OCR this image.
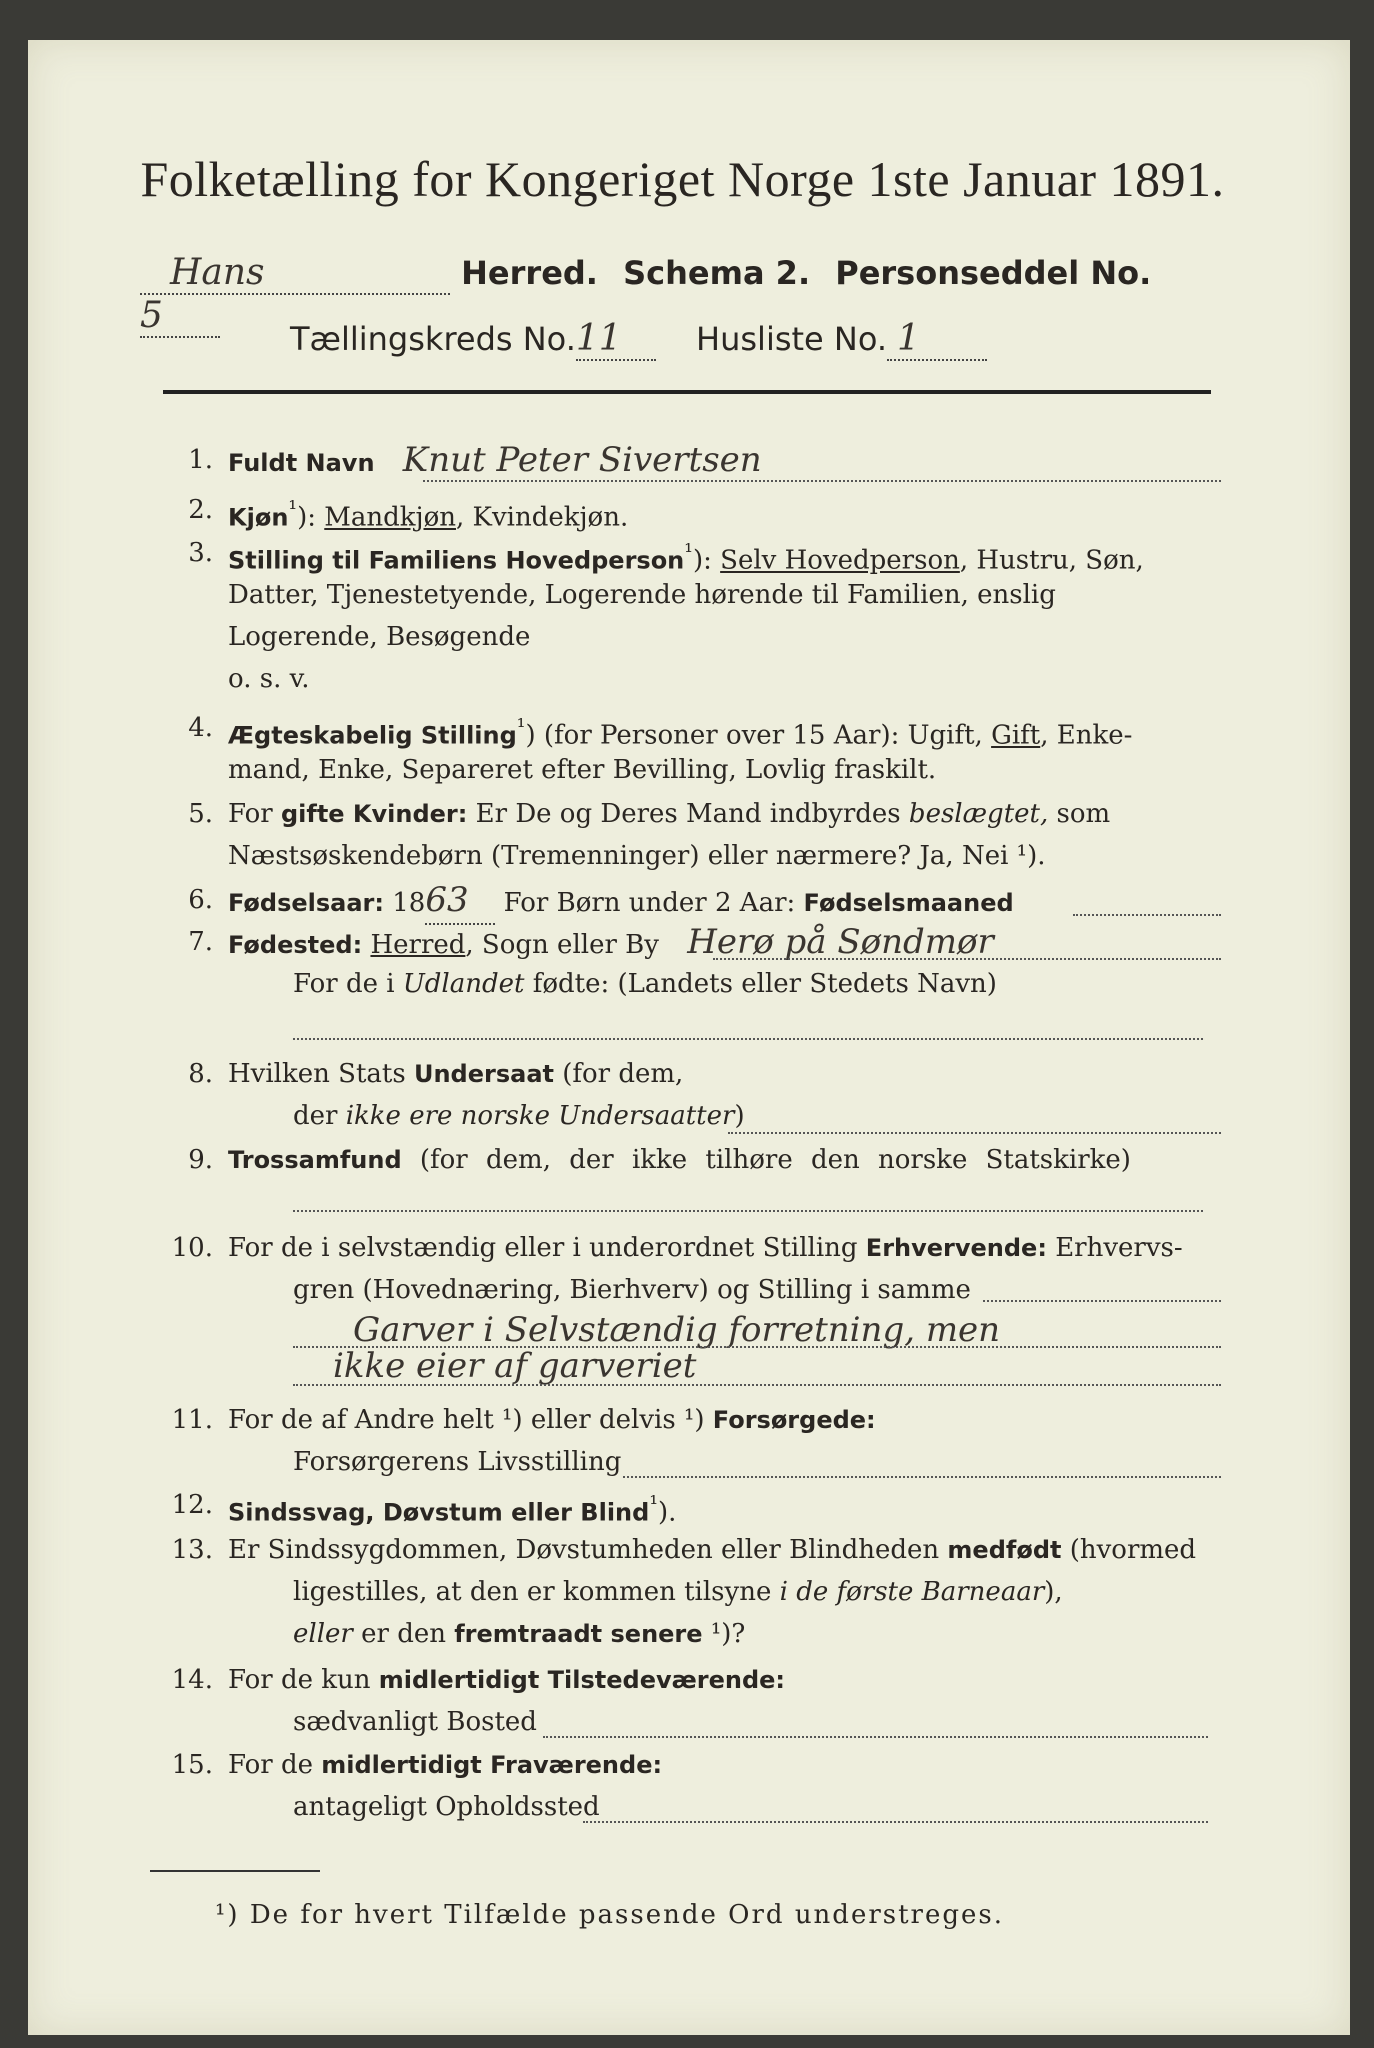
Folketælling for Kongeriget Norge 1ste Januar 1891.
Hans	Herred. Schema 2. Personseddel No.5
Tællingskreds No.11 Husliste No. 1
1. Fuldt Navn Knut Peter Sivertsen
2. Kjøn$^{^1}$): Mandkjøn, Kvindekjøn.
3. Stilling til Familiens Hovedperson$^{^1}$): Selv Hovedperson, Hustru, Søn,
Datter, Tjenestetyende, Logerende hørende til Familien, enslig
Logerende, Besøgende
o. s. v.
4. Ægteskabelig Stilling$^{^1}$) (for Personer over 15 Aar): Ugift, Gift, Enke-
mand, Enke, Separeret efter Bevilling, Lovlig fraskilt.
5. For gifte Kvinder: Er De og Deres Mand indbyrdes beslægtet, som
Næstsøskendebørn (Tremenninger) eller nærmere? Ja, Nei ¹).
6. Fødselsaar: 1863 For Børn under 2 Aar: Fødselsmaaned
7. Fødested: Herred, Sogn eller By Herø på Søndmør
For de i Udlandet fødte: (Landets eller Stedets Navn)
8. Hvilken Stats Undersaat (for dem,
der ikke ere norske Undersaatter)
9. Trossamfund (for dem, der ikke tilhøre den norske Statskirke)
10. For de i selvstændig eller i underordnet Stilling Erhvervende: Erhvervs-
gren (Hovednæring, Bierhverv) og Stilling i samme
Garver i Selvstændig forretning, men
ikke eier af garveriet
11. For de af Andre helt ¹) eller delvis ¹) Forsørgede:
Forsørgerens Livsstilling
12. Sindssvag, Døvstum eller Blind$^{^1}$).
13. Er Sindssygdommen, Døvstumheden eller Blindheden medfødt (hvormed
ligestilles, at den er kommen tilsyne i de første Barneaar),
eller er den fremtraadt senere ¹)?
14. For de kun midlertidigt Tilstedeværende:
sædvanligt Bosted
15. For de midlertidigt Fraværende:
antageligt Opholdssted
¹) De for hvert Tilfælde passende Ord understreges.
